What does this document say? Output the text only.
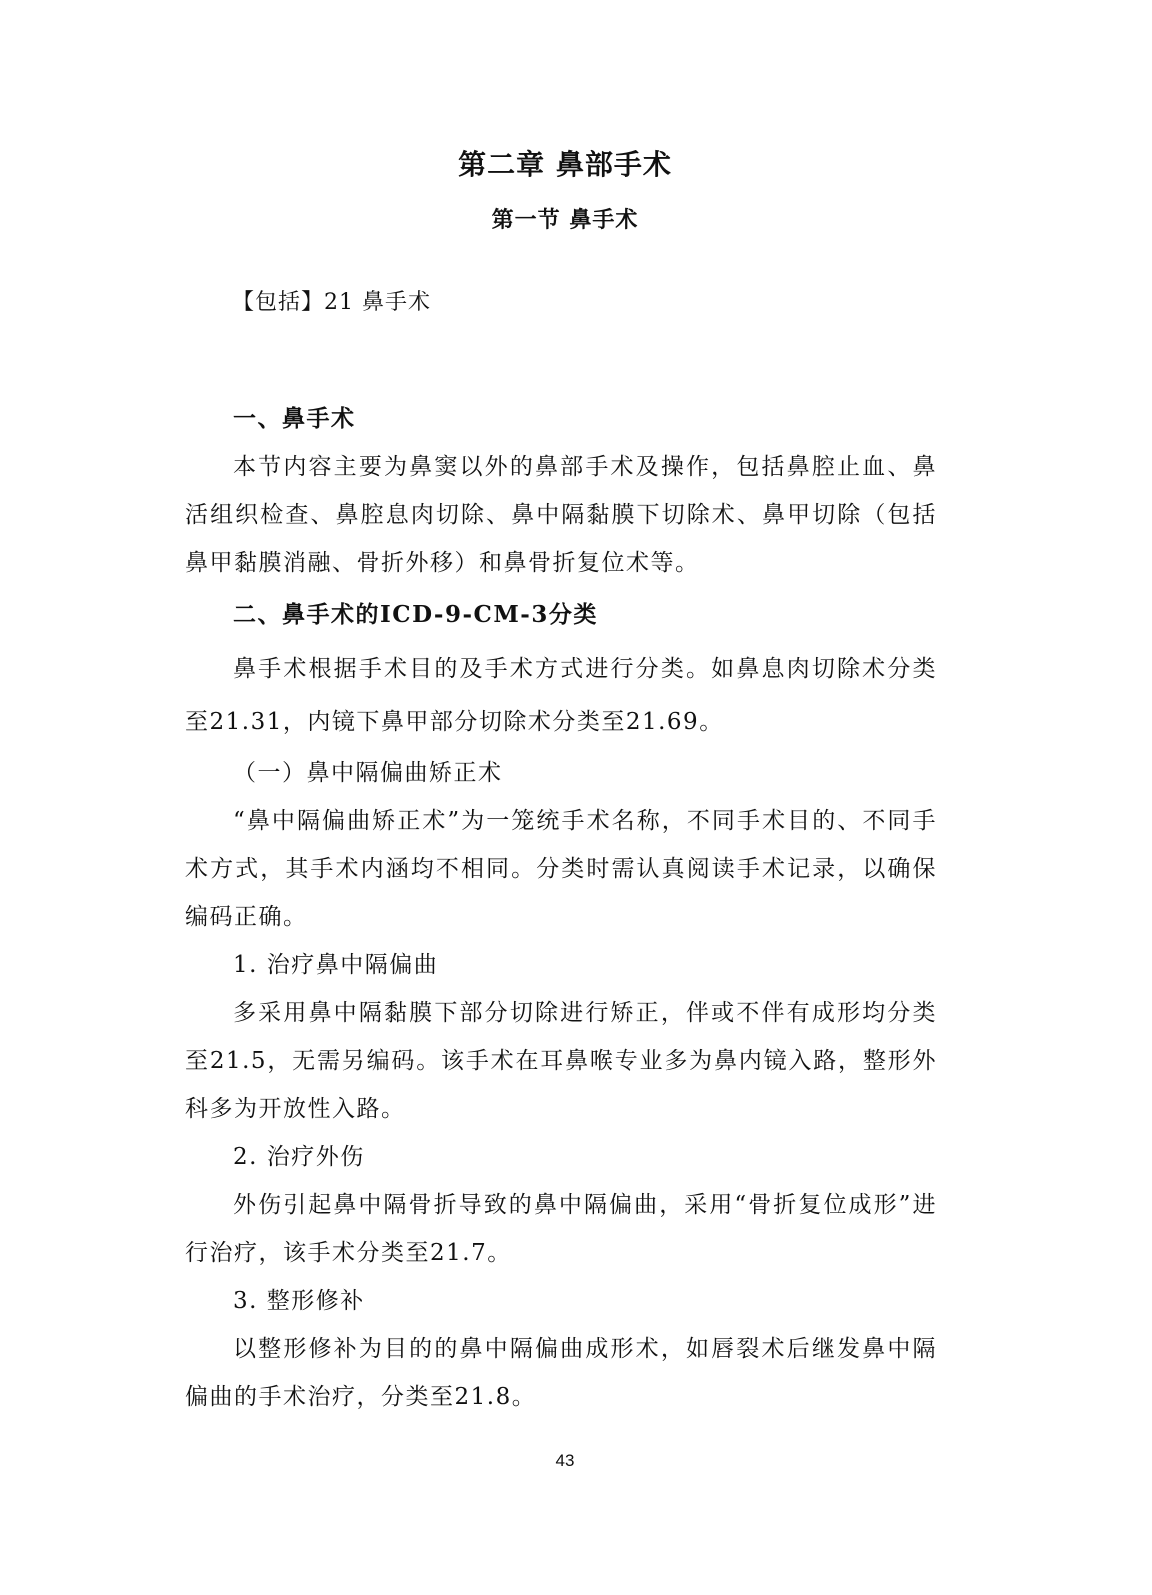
第二章 鼻部手术
第一节 鼻手术
【包括】21 鼻手术

一、鼻手术

本节内容主要为鼻窦以外的鼻部手术及操作，包括鼻腔止血、鼻活组织检查、鼻腔息肉切除、鼻中隔黏膜下切除术、鼻甲切除（包括鼻甲黏膜消融、骨折外移）和鼻骨折复位术等。

二、鼻手术的ICD-9-CM-3分类

鼻手术根据手术目的及手术方式进行分类。如鼻息肉切除术分类至21.31，内镜下鼻甲部分切除术分类至21.69。

（一）鼻中隔偏曲矫正术

“鼻中隔偏曲矫正术”为一笼统手术名称，不同手术目的、不同手术方式，其手术内涵均不相同。分类时需认真阅读手术记录，以确保编码正确。

1. 治疗鼻中隔偏曲

多采用鼻中隔黏膜下部分切除进行矫正，伴或不伴有成形均分类至21.5，无需另编码。该手术在耳鼻喉专业多为鼻内镜入路，整形外科多为开放性入路。

2. 治疗外伤

外伤引起鼻中隔骨折导致的鼻中隔偏曲，采用“骨折复位成形”进行治疗，该手术分类至21.7。

3. 整形修补

以整形修补为目的的鼻中隔偏曲成形术，如唇裂术后继发鼻中隔偏曲的手术治疗，分类至21.8。

43
